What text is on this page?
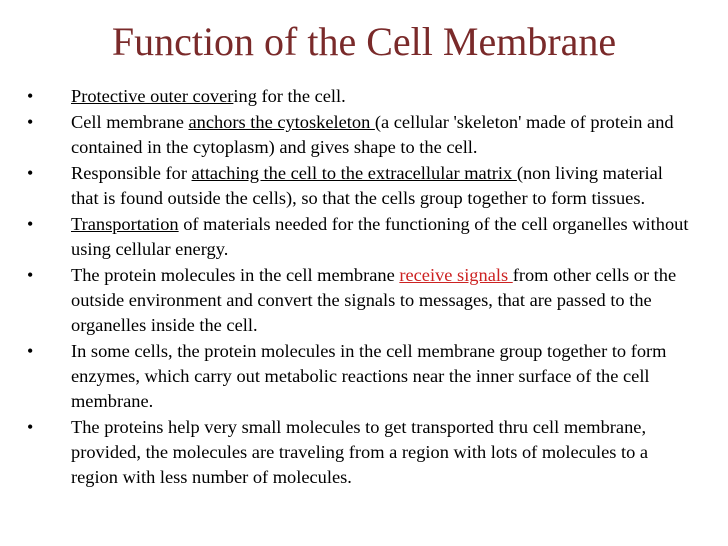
Function of the Cell Membrane
• Protective outer covering for the cell.
• Cell membrane anchors the cytoskeleton (a cellular 'skeleton' made of protein and contained in the cytoplasm) and gives shape to the cell.
• Responsible for attaching the cell to the extracellular matrix (non living material that is found outside the cells), so that the cells group together to form tissues.
• Transportation of materials needed for the functioning of the cell organelles without using cellular energy.
• The protein molecules in the cell membrane receive signals from other cells or the outside environment and convert the signals to messages, that are passed to the organelles inside the cell.
• In some cells, the protein molecules in the cell membrane group together to form enzymes, which carry out metabolic reactions near the inner surface of the cell membrane.
• The proteins help very small molecules to get transported thru cell membrane, provided, the molecules are traveling from a region with lots of molecules to a region with less number of molecules.
